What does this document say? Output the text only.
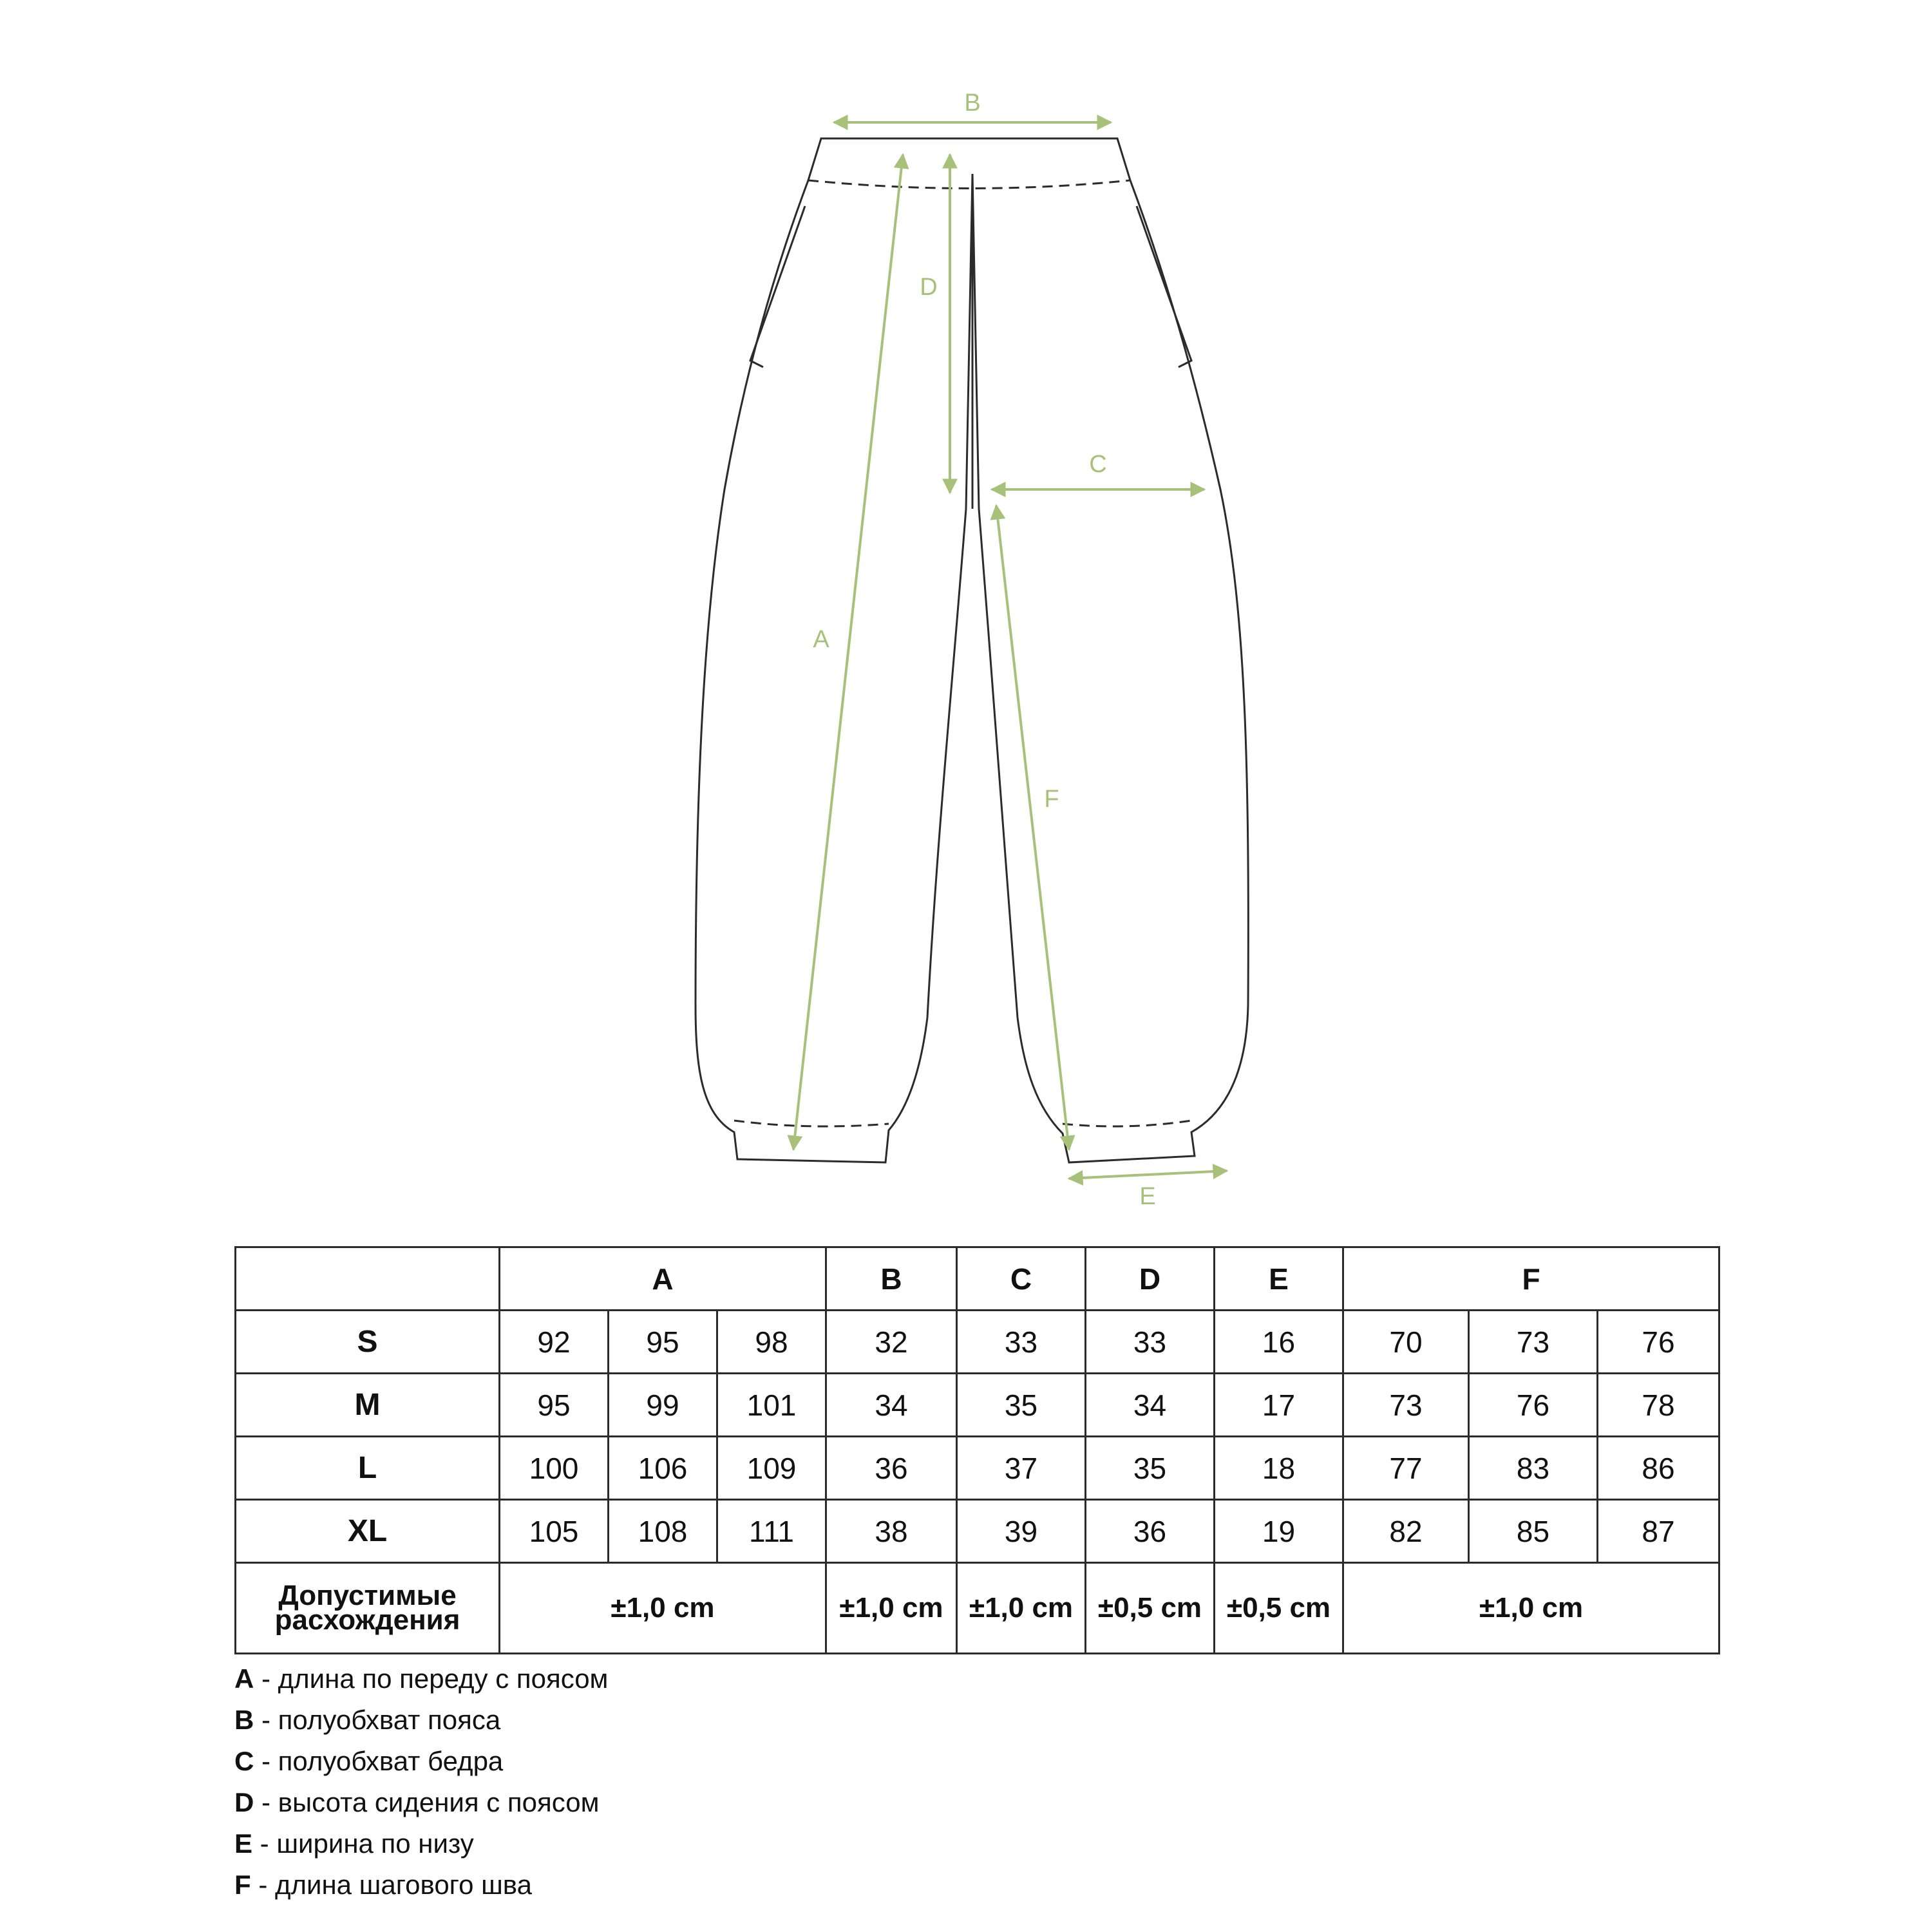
B
D
A
C
F
E
	A			B	C	D	E	F		
S	92	95	98	32	33	33	16	70	73	76
M	95	99	101	34	35	34	17	73	76	78
L	100	106	109	36	37	35	18	77	83	86
XL	105	108	111	38	39	36	19	82	85	87

Допустимые
расхождения	±1,0 cm			±1,0 cm	±1,0 cm	±0,5 cm	±0,5 cm	±1,0 cm		
A - длина по переду с поясом
B - полуобхват пояса
C - полуобхват бедра
D - высота сидения с поясом
E - ширина по низу
F - длина шагового шва
